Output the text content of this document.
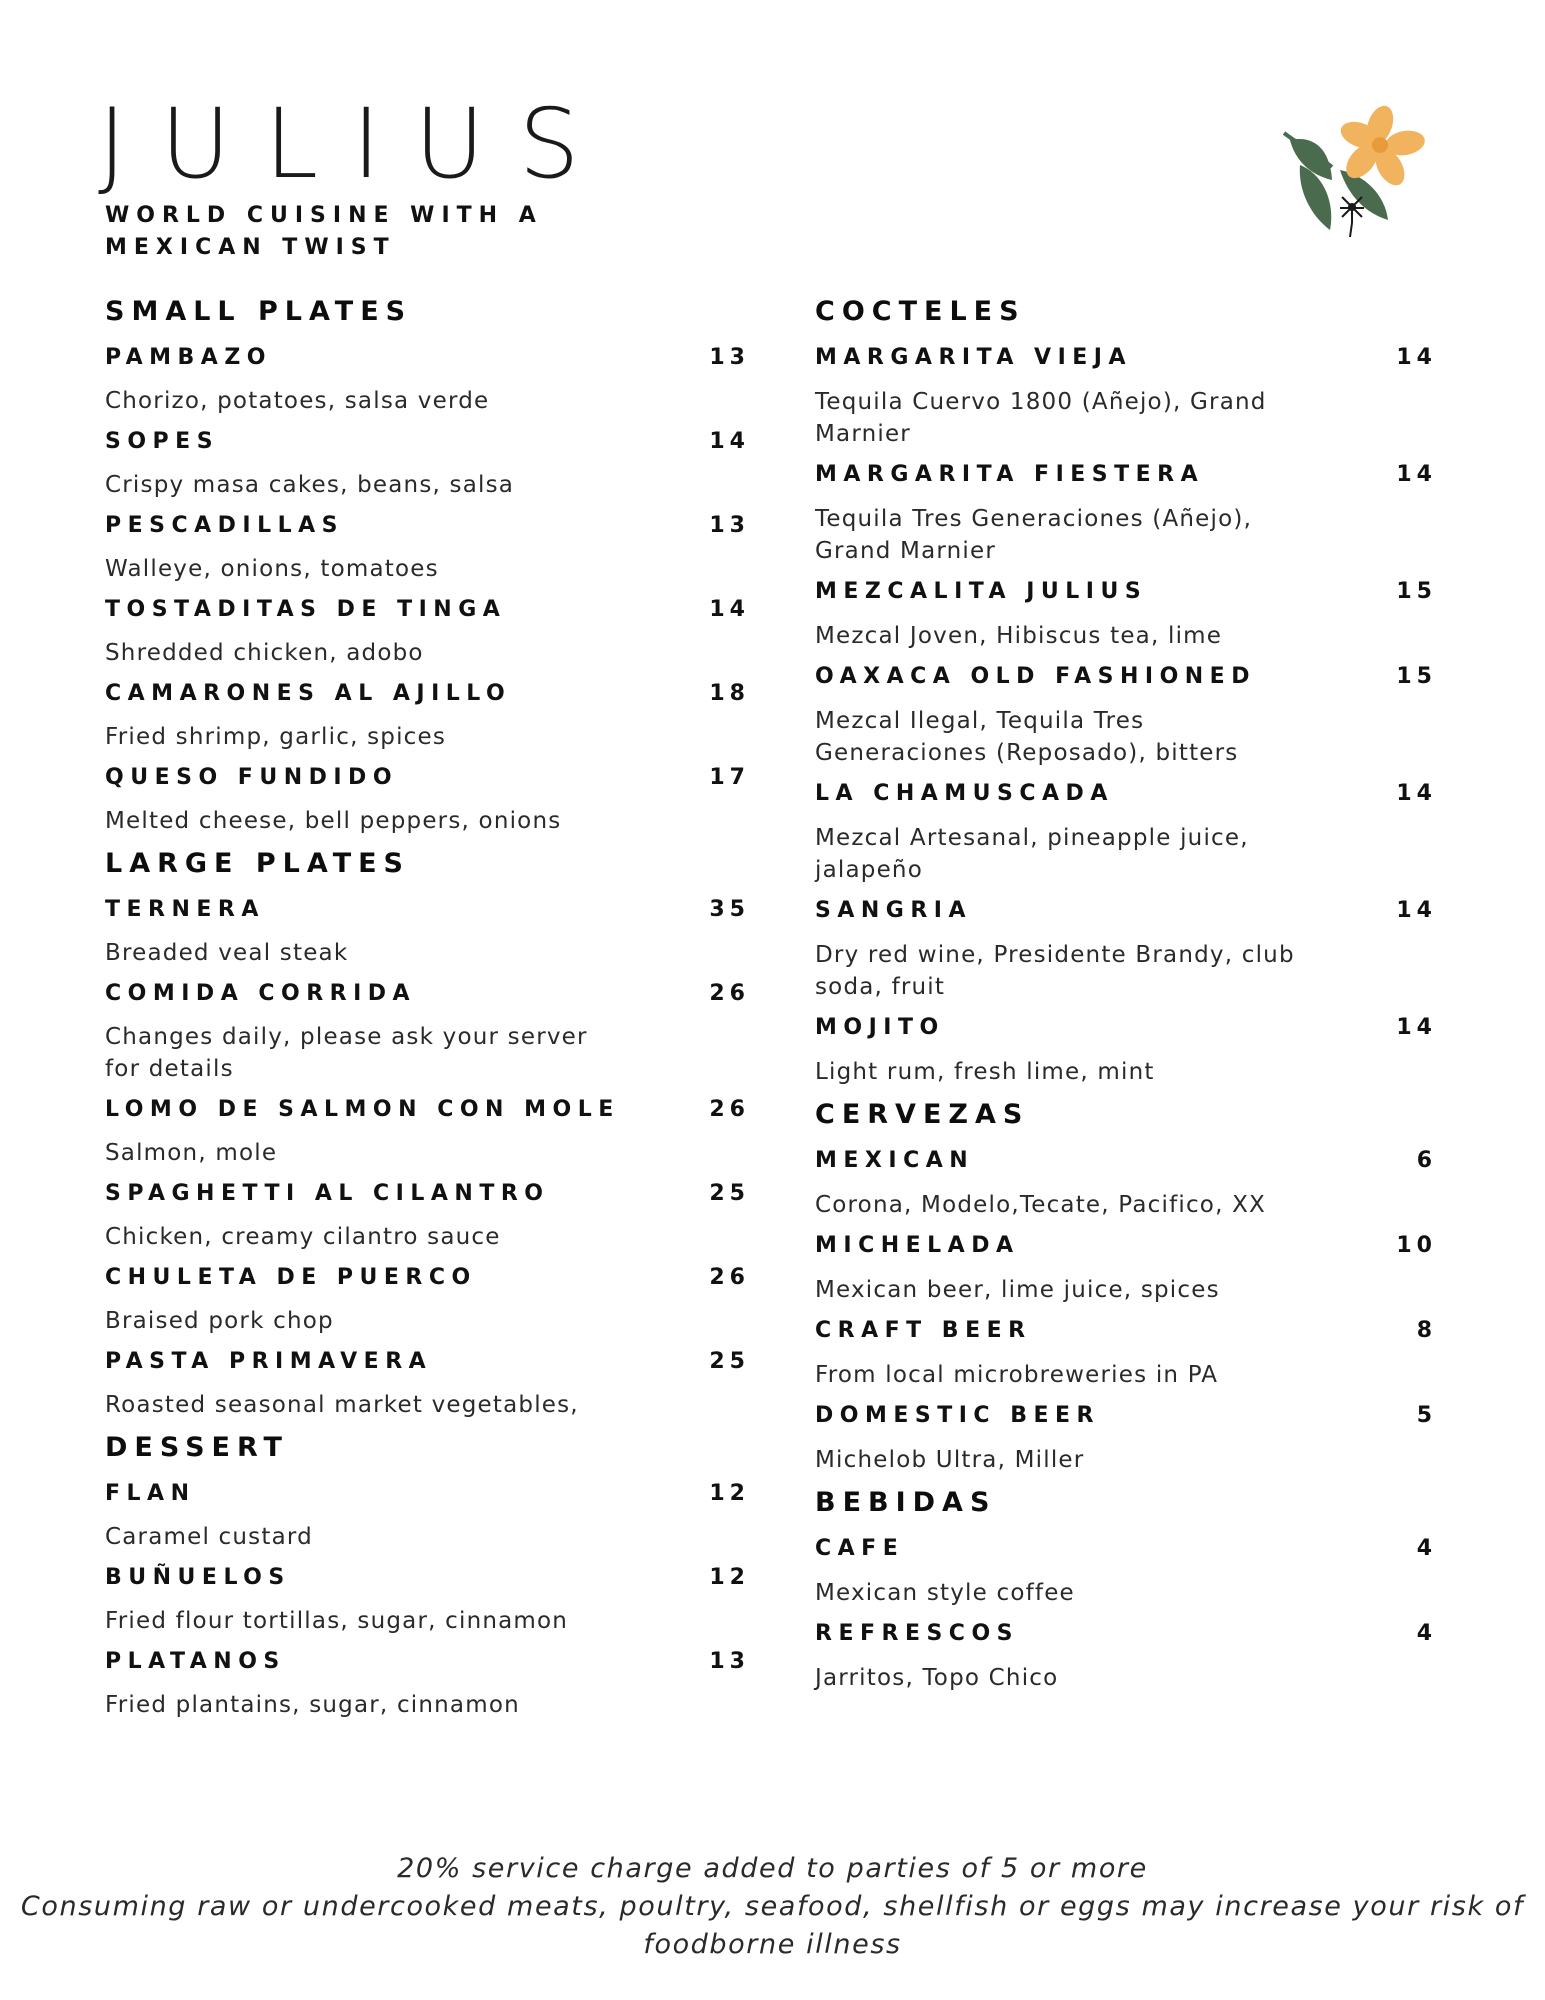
JULIUS
WORLD CUISINE WITH A MEXICAN TWIST
SMALL PLATES
PAMBAZO	13
Chorizo, potatoes, salsa verde
SOPES	14
Crispy masa cakes, beans, salsa
PESCADILLAS	13
Walleye, onions, tomatoes
TOSTADITAS DE TINGA	14
Shredded chicken, adobo
CAMARONES AL AJILLO	18
Fried shrimp, garlic, spices
QUESO FUNDIDO	17
Melted cheese, bell peppers, onions
LARGE PLATES
TERNERA	35
Breaded veal steak
COMIDA CORRIDA	26
Changes daily, please ask your server for details
LOMO DE SALMON CON MOLE	26
Salmon, mole
SPAGHETTI AL CILANTRO	25
Chicken, creamy cilantro sauce
CHULETA DE PUERCO	26
Braised pork chop
PASTA PRIMAVERA	25
Roasted seasonal market vegetables,
DESSERT
FLAN	12
Caramel custard
BUÑUELOS	12
Fried flour tortillas, sugar, cinnamon
PLATANOS	13
Fried plantains, sugar, cinnamon
COCTELES
MARGARITA VIEJA	14
Tequila Cuervo 1800 (Añejo), Grand Marnier
MARGARITA FIESTERA	14
Tequila Tres Generaciones (Añejo), Grand Marnier
MEZCALITA JULIUS	15
Mezcal Joven, Hibiscus tea, lime
OAXACA OLD FASHIONED	15
Mezcal Ilegal, Tequila Tres Generaciones (Reposado), bitters
LA CHAMUSCADA	14
Mezcal Artesanal, pineapple juice, jalapeño
SANGRIA	14
Dry red wine, Presidente Brandy, club soda, fruit
MOJITO	14
Light rum, fresh lime, mint
CERVEZAS
MEXICAN	6
Corona, Modelo,Tecate, Pacifico, XX
MICHELADA	10
Mexican beer, lime juice, spices
CRAFT BEER	8
From local microbreweries in PA
DOMESTIC BEER	5
Michelob Ultra, Miller
BEBIDAS
CAFE	4
Mexican style coffee
REFRESCOS	4
Jarritos, Topo Chico
20% service charge added to parties of 5 or more
Consuming raw or undercooked meats, poultry, seafood, shellfish or eggs may increase your risk of foodborne illness
